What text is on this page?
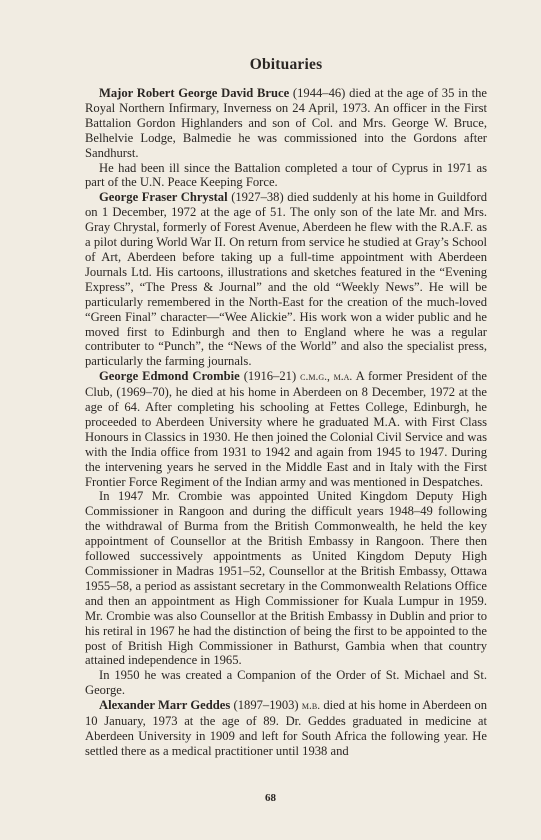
Obituaries

Major Robert George David Bruce (1944–46) died at the age of 35 in the Royal Northern Infirmary, Inverness on 24 April, 1973. An officer in the First Battalion Gordon Highlanders and son of Col. and Mrs. George W. Bruce, Belhelvie Lodge, Balmedie he was commissioned into the Gordons after Sandhurst.

He had been ill since the Battalion completed a tour of Cyprus in 1971 as part of the U.N. Peace Keeping Force.

George Fraser Chrystal (1927–38) died suddenly at his home in Guildford on 1 December, 1972 at the age of 51. The only son of the late Mr. and Mrs. Gray Chrystal, formerly of Forest Avenue, Aberdeen he flew with the R.A.F. as a pilot during World War II. On return from service he studied at Gray’s School of Art, Aberdeen before taking up a full-time appointment with Aberdeen Journals Ltd. His cartoons, illustrations and sketches featured in the “Evening Express”, “The Press & Journal” and the old “Weekly News”. He will be particularly remembered in the North-East for the creation of the much-loved “Green Final” character—“Wee Alickie”. His work won a wider public and he moved first to Edinburgh and then to England where he was a regular contributer to “Punch”, the “News of the World” and also the specialist press, particularly the farming journals.

George Edmond Crombie (1916–21) c.m.g., m.a. A former President of the Club, (1969–70), he died at his home in Aberdeen on 8 December, 1972 at the age of 64. After completing his schooling at Fettes College, Edinburgh, he proceeded to Aberdeen University where he graduated M.A. with First Class Honours in Classics in 1930. He then joined the Colonial Civil Service and was with the India office from 1931 to 1942 and again from 1945 to 1947. During the intervening years he served in the Middle East and in Italy with the First Frontier Force Regiment of the Indian army and was mentioned in Despatches.

In 1947 Mr. Crombie was appointed United Kingdom Deputy High Commissioner in Rangoon and during the difficult years 1948–49 following the withdrawal of Burma from the British Commonwealth, he held the key appointment of Counsellor at the British Embassy in Rangoon. There then followed successively appointments as United Kingdom Deputy High Commissioner in Madras 1951–52, Counsellor at the British Embassy, Ottawa 1955–58, a period as assistant secretary in the Commonwealth Relations Office and then an appointment as High Commissioner for Kuala Lumpur in 1959. Mr. Crombie was also Counsellor at the British Embassy in Dublin and prior to his retiral in 1967 he had the distinction of being the first to be appointed to the post of British High Commissioner in Bathurst, Gambia when that country attained independence in 1965.

In 1950 he was created a Companion of the Order of St. Michael and St. George.

Alexander Marr Geddes (1897–1903) m.b. died at his home in Aberdeen on 10 January, 1973 at the age of 89. Dr. Geddes graduated in medicine at Aberdeen University in 1909 and left for South Africa the following year. He settled there as a medical practitioner until 1938 and

68
